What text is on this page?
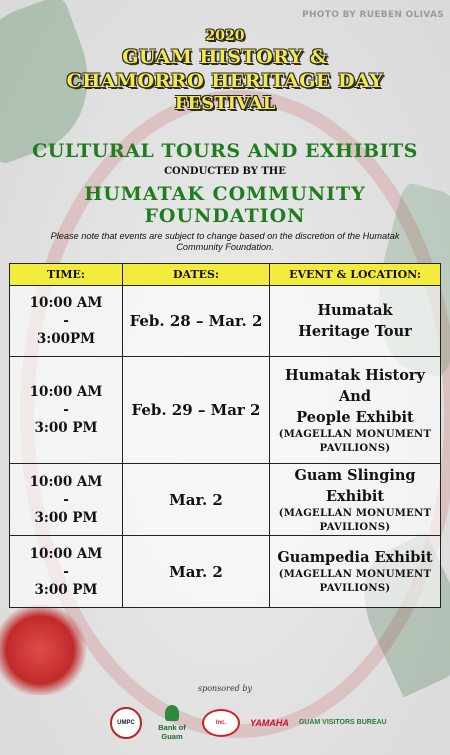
PHOTO BY RUEBEN OLIVAS
2020
GUAM HISTORY &
CHAMORRO HERITAGE DAY
FESTIVAL
CULTURAL TOURS AND EXHIBITS
CONDUCTED BY THE
HUMATAK COMMUNITY FOUNDATION
Please note that events are subject to change based on the discretion of the Humatak Community Foundation.
TIME:	DATES:	EVENT & LOCATION:
10:00 AM
-
3:00PM	Feb. 28 – Mar. 2	Humatak
Heritage Tour

10:00 AM
-
3:00 PM	Feb. 29 – Mar 2	Humatak History
And
People Exhibit
(MAGELLAN MONUMENT
PAVILIONS)

10:00 AM
-
3:00 PM	Mar. 2	Guam Slinging Exhibit
(MAGELLAN MONUMENT
PAVILIONS)

10:00 AM
-
3:00 PM	Mar. 2	Guampedia Exhibit
(MAGELLAN MONUMENT
PAVILIONS)
sponsored by
UMPC	Bank of Guam
Inc.	YAMAHA GUAM VISITORS BUREAU
